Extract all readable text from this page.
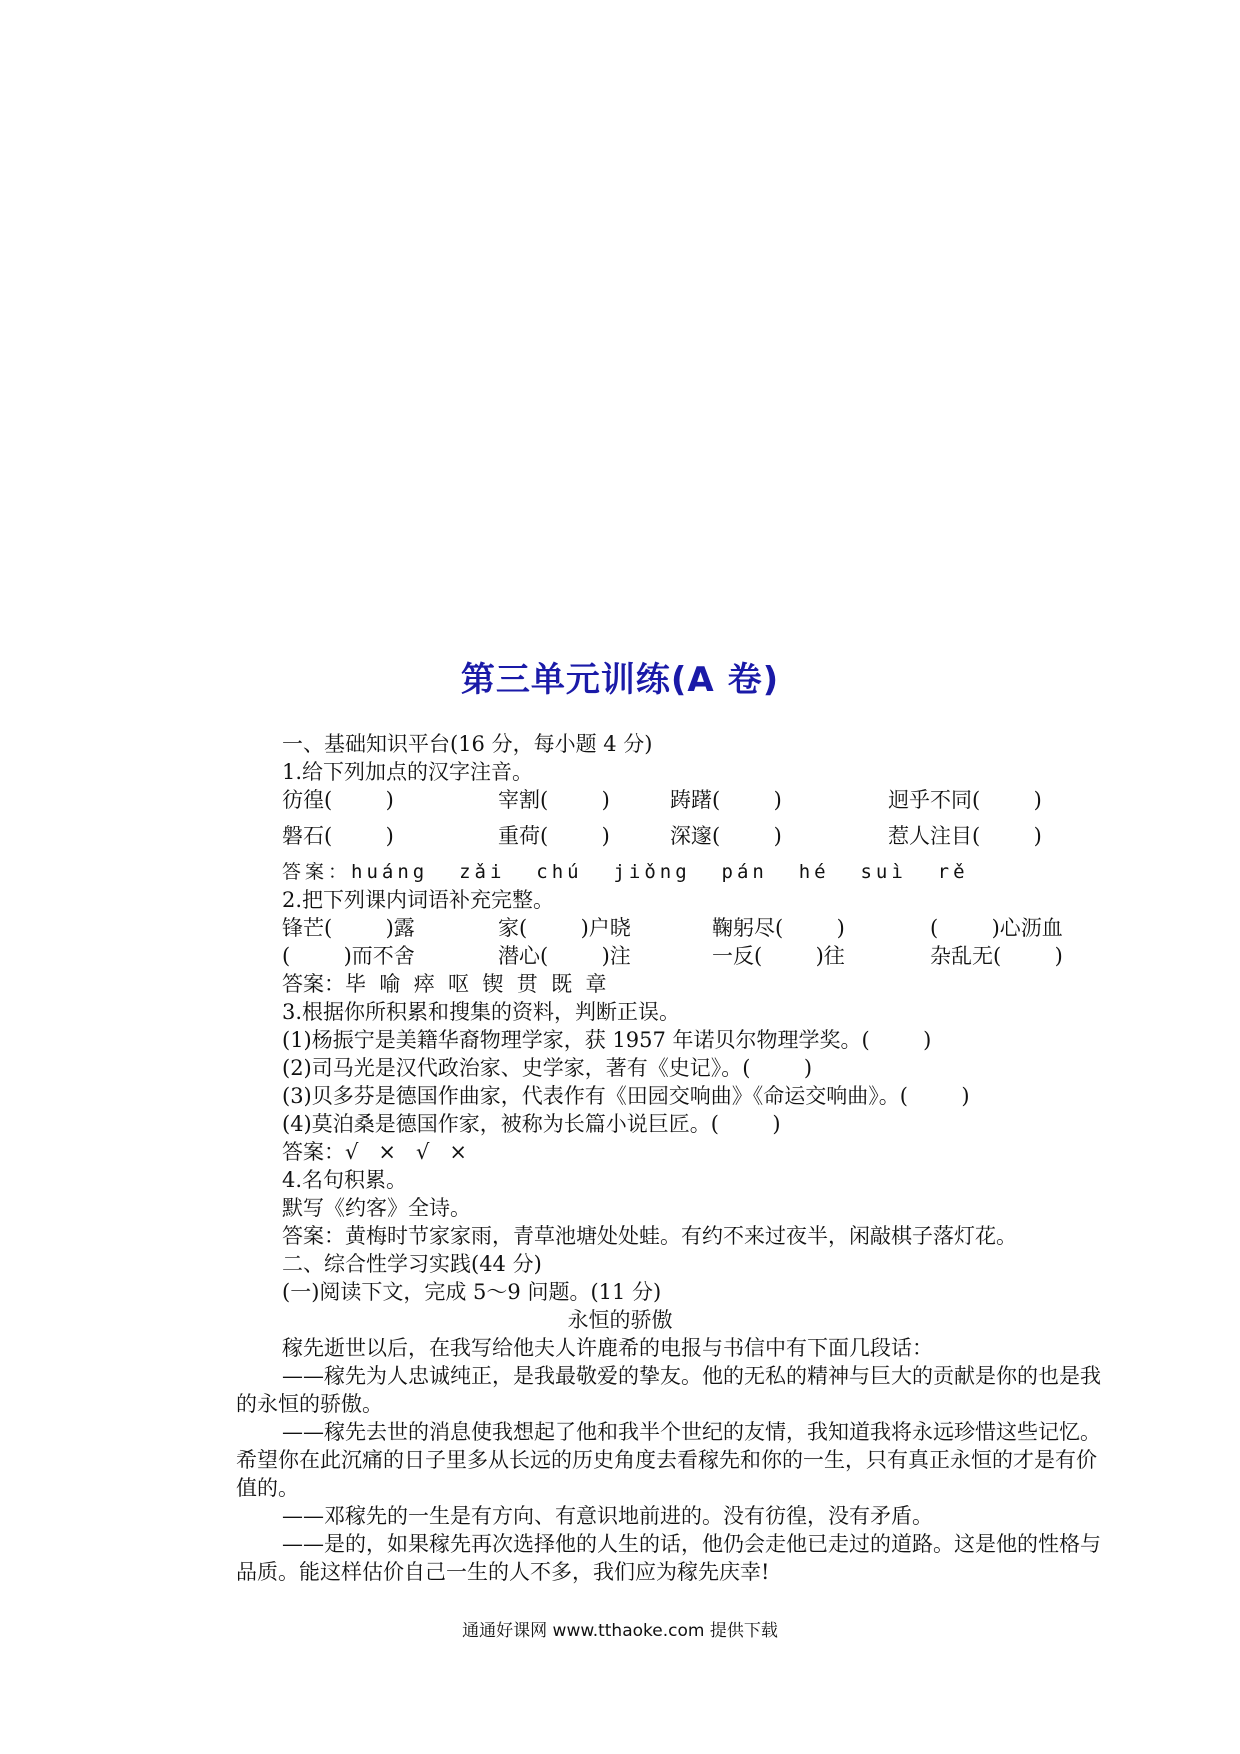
第三单元训练(A 卷)
一、基础知识平台(16 分，每小题 4 分)
1.给下列加点的汉字注音。
彷徨(        )	宰割(        )	踌躇(        )	迥乎不同(        )
磐石(        )	重荷(        )	深邃(        )	惹人注目(        )
答案：huáng  zǎi  chú  jiǒng  pán  hé  suì  rě
2.把下列课内词语补充完整。
锋芒(        )露	家(        )户晓	鞠躬尽(        )	(        )心沥血
(        )而不舍	潜心(        )注	一反(        )往	杂乱无(        )
答案：毕  喻  瘁  呕  锲  贯  既  章
3.根据你所积累和搜集的资料，判断正误。
(1)杨振宁是美籍华裔物理学家，获 1957 年诺贝尔物理学奖。(        )
(2)司马光是汉代政治家、史学家，著有《史记》。(        )
(3)贝多芬是德国作曲家，代表作有《田园交响曲》《命运交响曲》。(        )
(4)莫泊桑是德国作家，被称为长篇小说巨匠。(        )
答案：√   ×   √   ×
4.名句积累。
默写《约客》全诗。
答案：黄梅时节家家雨，青草池塘处处蛙。有约不来过夜半，闲敲棋子落灯花。
二、综合性学习实践(44 分)
(一)阅读下文，完成 5～9 问题。(11 分)
永恒的骄傲
稼先逝世以后，在我写给他夫人许鹿希的电报与书信中有下面几段话：
——稼先为人忠诚纯正，是我最敬爱的挚友。他的无私的精神与巨大的贡献是你的也是我的永恒的骄傲。
——稼先去世的消息使我想起了他和我半个世纪的友情，我知道我将永远珍惜这些记忆。希望你在此沉痛的日子里多从长远的历史角度去看稼先和你的一生，只有真正永恒的才是有价值的。
——邓稼先的一生是有方向、有意识地前进的。没有彷徨，没有矛盾。
——是的，如果稼先再次选择他的人生的话，他仍会走他已走过的道路。这是他的性格与品质。能这样估价自己一生的人不多，我们应为稼先庆幸!
通通好课网 www.tthaoke.com 提供下载
